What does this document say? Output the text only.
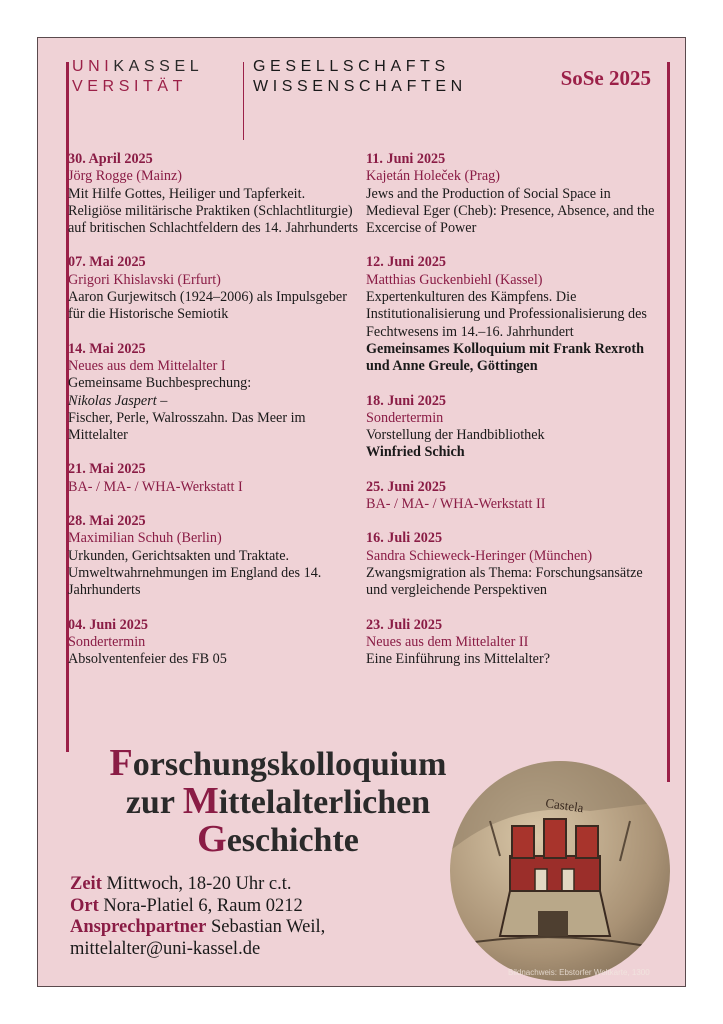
UNIKASSEL
VERSITÄT
GESELLSCHAFTS
WISSENSCHAFTEN	SoSe 2025
30. April 2025
Jörg Rogge (Mainz)
Mit Hilfe Gottes, Heiliger und Tapferkeit.
Religiöse militärische Praktiken (Schlachtliturgie) auf britischen Schlachtfeldern des 14. Jahrhunderts
07. Mai 2025
Grigori Khislavski (Erfurt)
Aaron Gurjewitsch (1924–2006) als Impulsgeber für die Historische Semiotik
14. Mai 2025
Neues aus dem Mittelalter I
Gemeinsame Buchbesprechung:
Nikolas Jaspert –
Fischer, Perle, Walrosszahn. Das Meer im Mittelalter
21. Mai 2025
BA- / MA- / WHA-Werkstatt I
28. Mai 2025
Maximilian Schuh (Berlin)
Urkunden, Gerichtsakten und Traktate. Umweltwahrnehmungen im England des 14. Jahrhunderts
04. Juni 2025
Sondertermin
Absolventenfeier des FB 05
11. Juni 2025
Kajetán Holeček (Prag)
Jews and the Production of Social Space in Medieval Eger (Cheb): Presence, Absence, and the Excercise of Power
12. Juni 2025
Matthias Guckenbiehl (Kassel)
Expertenkulturen des Kämpfens. Die Institutionalisierung und Professionalisierung des Fechtwesens im 14.–16. Jahrhundert
Gemeinsames Kolloquium mit Frank Rexroth und Anne Greule, Göttingen
18. Juni 2025
Sondertermin
Vorstellung der Handbibliothek
Winfried Schich
25. Juni 2025
BA- / MA- / WHA-Werkstatt II
16. Juli 2025
Sandra Schieweck-Heringer (München)
Zwangsmigration als Thema: Forschungsansätze und vergleichende Perspektiven
23. Juli 2025
Neues aus dem Mittelalter II
Eine Einführung ins Mittelalter?
Forschungskolloquium
zur Mittelalterlichen
Geschichte
Zeit Mittwoch, 18-20 Uhr c.t.
Ort Nora-Platiel 6, Raum 0212
Ansprechpartner Sebastian Weil,
mittelalter@uni-kassel.de
Castela
Bildnachweis: Ebstorfer Weltkarte, 1300
